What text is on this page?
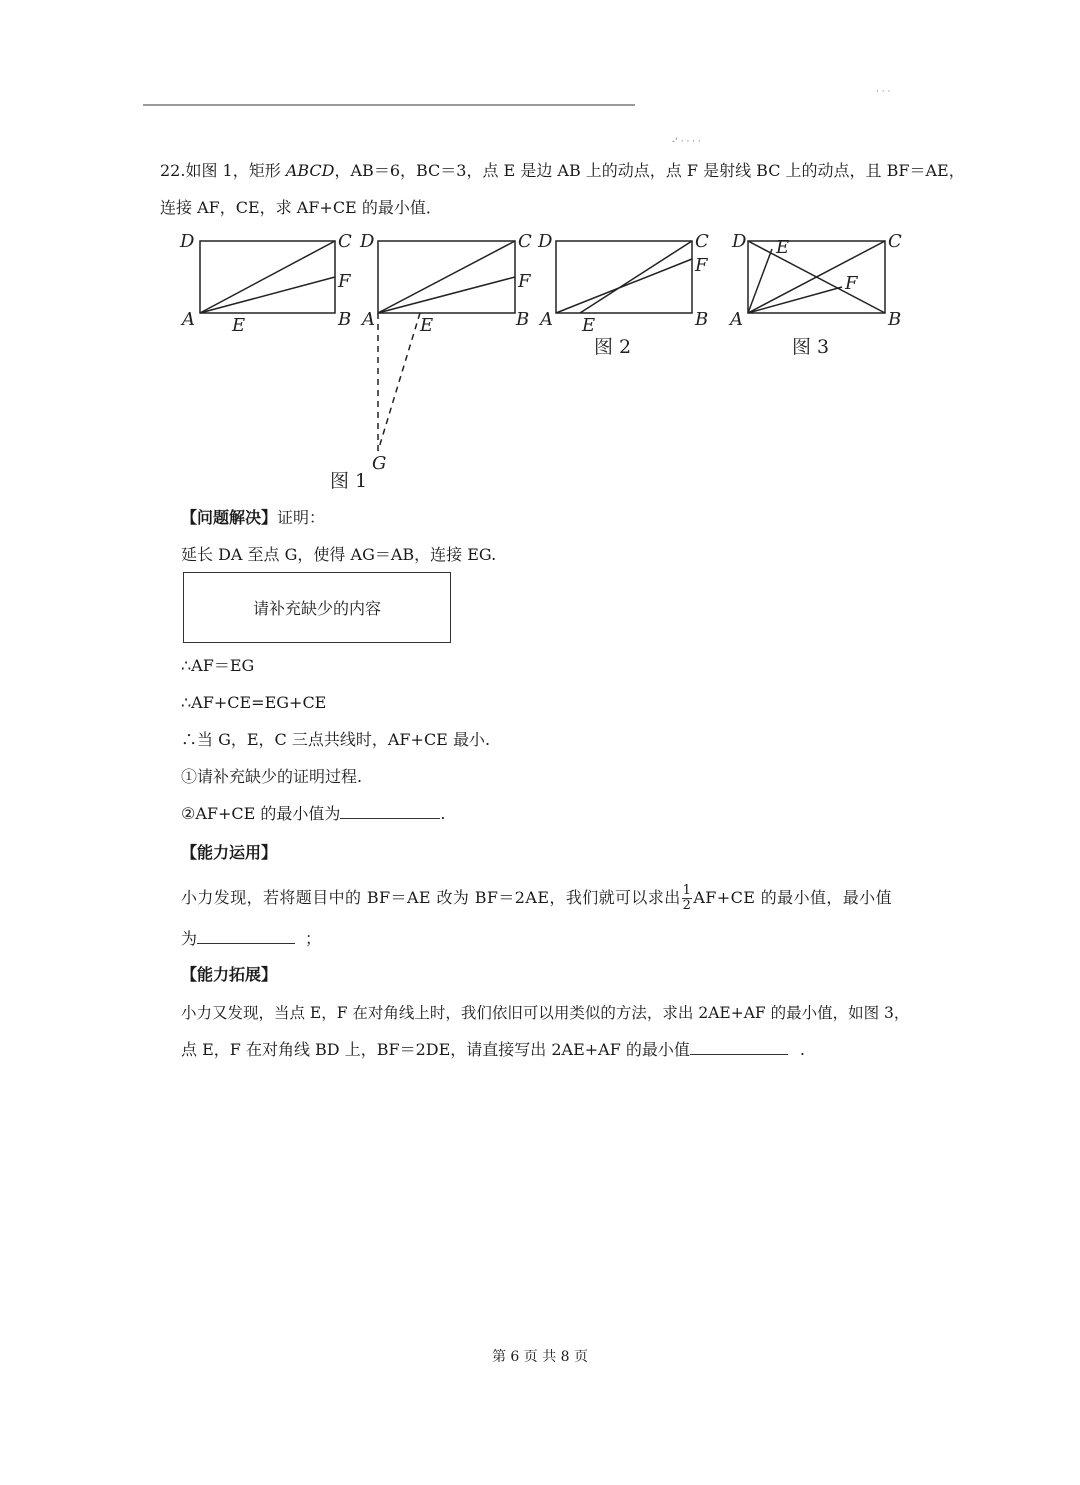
-‘ · · · ·
· · ·
22.如图 1，矩形 ABCD，AB＝6，BC＝3，点 E 是边 AB 上的动点，点 F 是射线 BC 上的动点，且 BF＝AE，
连接 AF，CE，求 AF+CE 的最小值．
D	C
F
A E	B
D	C
F
A	E	B
G
D	C
F
A E	B
D	C
E
F
A	B
图 1
图 2	图 3
【问题解决】证明：
延长 DA 至点 G，使得 AG＝AB，连接 EG.
请补充缺少的内容
∴AF＝EG
∴AF+CE=EG+CE
∴当 G，E，C 三点共线时，AF+CE 最小.
①请补充缺少的证明过程.
②AF+CE 的最小值为	.
【能力运用】
小力发现，若将题目中的 BF＝AE 改为 BF＝2AE，我们就可以求出 $\frac{1}{2} AF+CE$ 的最小值，最小值
为	；
【能力拓展】
小力又发现，当点 E，F 在对角线上时，我们依旧可以用类似的方法，求出 2AE+AF 的最小值，如图 3，
点 E，F 在对角线 BD 上，BF＝2DE，请直接写出 2AE+AF 的最小值	.
第 6 页 共 8 页
